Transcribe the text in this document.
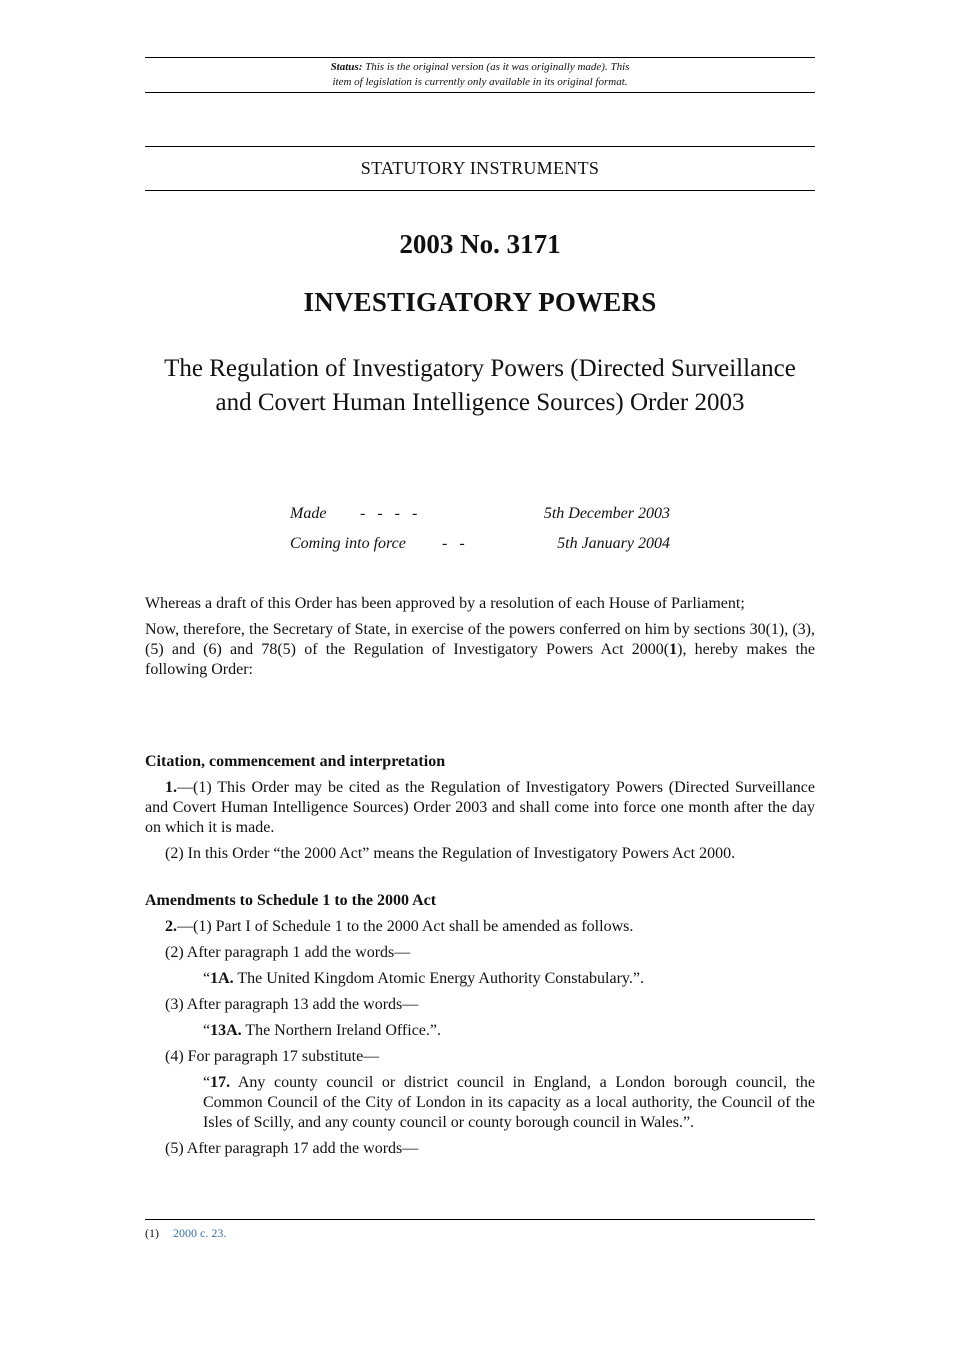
Status: This is the original version (as it was originally made). This
item of legislation is currently only available in its original format.
STATUTORY INSTRUMENTS
2003 No. 3171
INVESTIGATORY POWERS
The Regulation of Investigatory Powers (Directed Surveillance
and Covert Human Intelligence Sources) Order 2003
Made -   -   -   -	5th December 2003
Coming into force -   -	5th January 2004

Whereas a draft of this Order has been approved by a resolution of each House of Parliament;

Now, therefore, the Secretary of State, in exercise of the powers conferred on him by sections 30(1), (3), (5) and (6) and 78(5) of the Regulation of Investigatory Powers Act 2000(1), hereby makes the following Order:

Citation, commencement and interpretation

1.—(1) This Order may be cited as the Regulation of Investigatory Powers (Directed Surveillance and Covert Human Intelligence Sources) Order 2003 and shall come into force one month after the day on which it is made.

(2) In this Order “the 2000 Act” means the Regulation of Investigatory Powers Act 2000.

Amendments to Schedule 1 to the 2000 Act

2.—(1) Part I of Schedule 1 to the 2000 Act shall be amended as follows.

(2) After paragraph 1 add the words—

“1A. The United Kingdom Atomic Energy Authority Constabulary.”.

(3) After paragraph 13 add the words—

“13A. The Northern Ireland Office.”.

(4) For paragraph 17 substitute—

“17. Any county council or district council in England, a London borough council, the Common Council of the City of London in its capacity as a local authority, the Council of the Isles of Scilly, and any county council or county borough council in Wales.”.

(5) After paragraph 17 add the words—

(1) 2000 c. 23.
